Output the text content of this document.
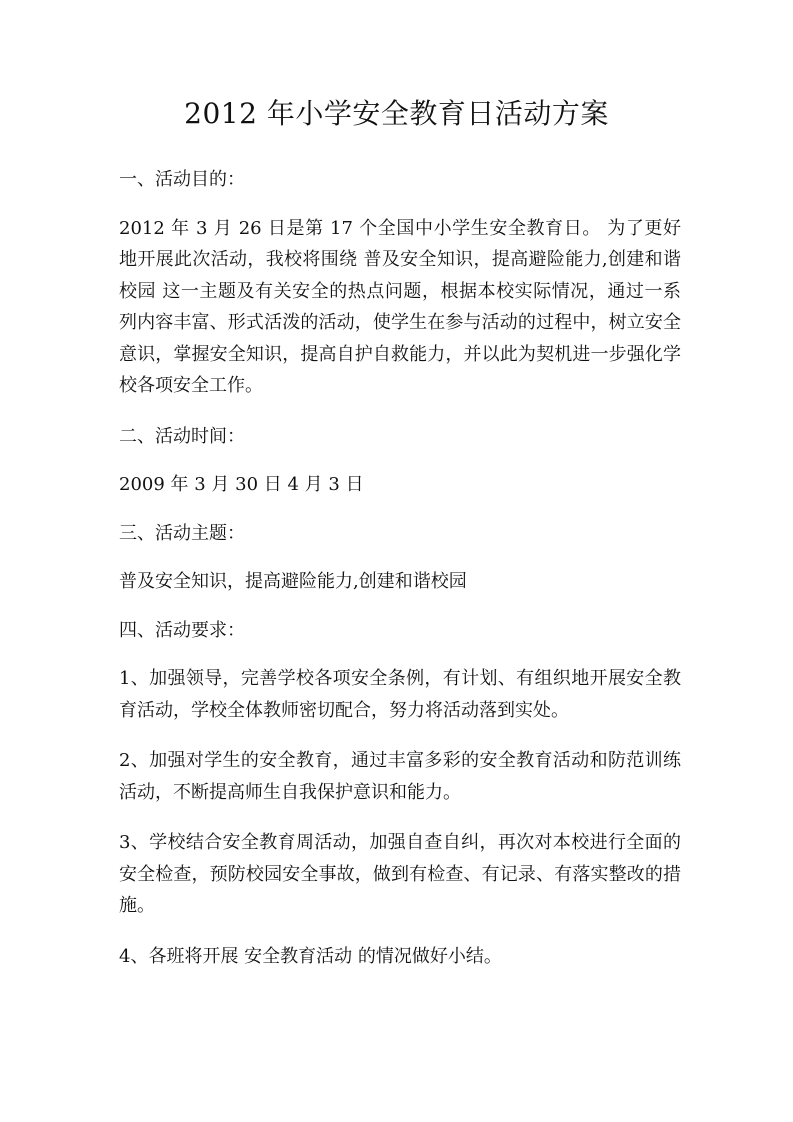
2012 年小学安全教育日活动方案

一、活动目的：

2012 年 3 月 26 日是第 17 个全国中小学生安全教育日。 为了更好地开展此次活动，我校将围绕 普及安全知识，提高避险能力,创建和谐校园 这一主题及有关安全的热点问题，根据本校实际情况，通过一系列内容丰富、形式活泼的活动，使学生在参与活动的过程中，树立安全意识，掌握安全知识，提高自护自救能力，并以此为契机进一步强化学校各项安全工作。

二、活动时间：

2009 年 3 月 30 日 4 月 3 日

三、活动主题：

普及安全知识，提高避险能力,创建和谐校园

四、活动要求：

1、加强领导，完善学校各项安全条例，有计划、有组织地开展安全教育活动，学校全体教师密切配合，努力将活动落到实处。

2、加强对学生的安全教育，通过丰富多彩的安全教育活动和防范训练活动，不断提高师生自我保护意识和能力。

3、学校结合安全教育周活动，加强自查自纠，再次对本校进行全面的安全检查，预防校园安全事故，做到有检查、有记录、有落实整改的措施。

4、各班将开展 安全教育活动 的情况做好小结。
